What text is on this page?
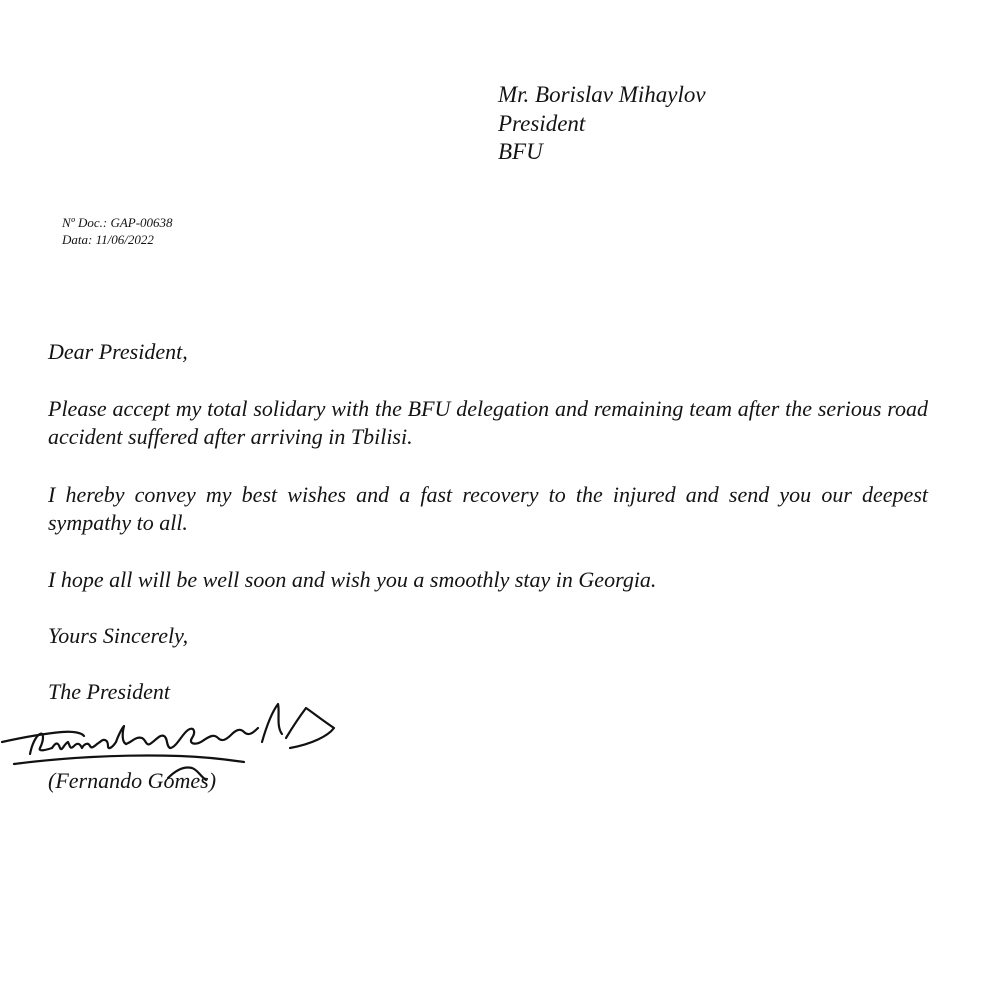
Mr. Borislav Mihaylov
President
BFU
Nº Doc.: GAP-00638
Data: 11/06/2022
Dear President,

Please accept my total solidary with the BFU delegation and remaining team after the serious road accident suffered after arriving in Tbilisi.

I hereby convey my best wishes and a fast recovery to the injured and send you our deepest sympathy to all.

I hope all will be well soon and wish you a smoothly stay in Georgia.

Yours Sincerely,
The President
(Fernando Gomes)
